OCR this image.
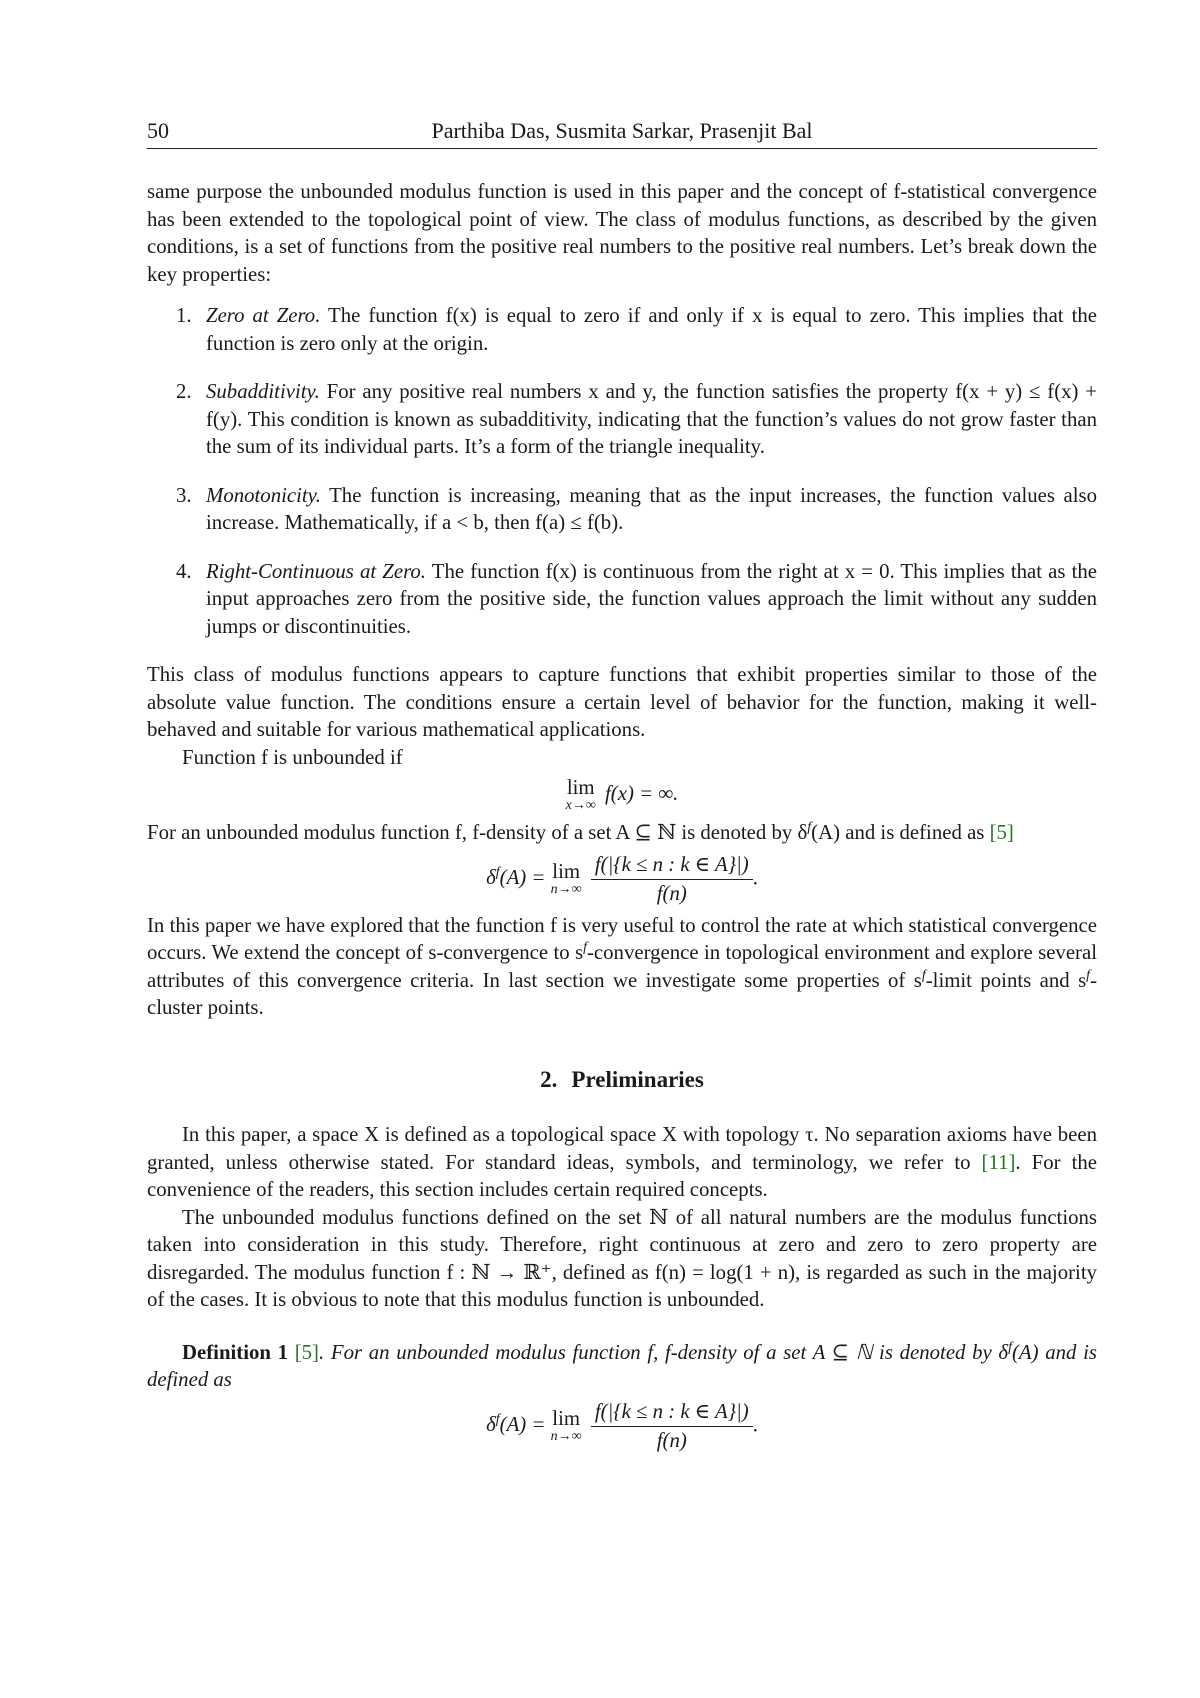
50	Parthiba Das, Susmita Sarkar, Prasenjit Bal

same purpose the unbounded modulus function is used in this paper and the concept of f-statistical convergence has been extended to the topological point of view. The class of modulus functions, as described by the given conditions, is a set of functions from the positive real numbers to the positive real numbers. Let’s break down the key properties:

1. Zero at Zero. The function f(x) is equal to zero if and only if x is equal to zero. This implies that the function is zero only at the origin.
2. Subadditivity. For any positive real numbers x and y, the function satisfies the property f(x + y) ≤ f(x) + f(y). This condition is known as subadditivity, indicating that the function’s values do not grow faster than the sum of its individual parts. It’s a form of the triangle inequality.
3. Monotonicity. The function is increasing, meaning that as the input increases, the function values also increase. Mathematically, if a < b, then f(a) ≤ f(b).
4. Right-Continuous at Zero. The function f(x) is continuous from the right at x = 0. This implies that as the input approaches zero from the positive side, the function values approach the limit without any sudden jumps or discontinuities.

This class of modulus functions appears to capture functions that exhibit properties similar to those of the absolute value function. The conditions ensure a certain level of behavior for the function, making it well-behaved and suitable for various mathematical applications.

Function f is unbounded if

lim
x→∞
f(x) = ∞.

For an unbounded modulus function f, f-density of a set A ⊆ ℕ is denoted by $\delta^f(A)$ and is defined as [5]

$\delta^f(A) = \lim$
n→∞
$\frac{f(|\{k \le n : k \in A\}|)}{f(n)}$ .

In this paper we have explored that the function f is very useful to control the rate at which statistical convergence occurs. We extend the concept of s-convergence to $s^f$-convergence in topological environment and explore several attributes of this convergence criteria. In last section we investigate some properties of $s^f$-limit points and $s^f$-cluster points.

2. Preliminaries

In this paper, a space X is defined as a topological space X with topology τ. No separation axioms have been granted, unless otherwise stated. For standard ideas, symbols, and terminology, we refer to [11]. For the convenience of the readers, this section includes certain required concepts.

The unbounded modulus functions defined on the set ℕ of all natural numbers are the modulus functions taken into consideration in this study. Therefore, right continuous at zero and zero to zero property are disregarded. The modulus function f : ℕ → ℝ⁺, defined as f(n) = log(1 + n), is regarded as such in the majority of the cases. It is obvious to note that this modulus function is unbounded.

Definition 1 [5]. For an unbounded modulus function f, f-density of a set A ⊆ ℕ is denoted by $\delta^f(A)$ and is defined as

$\delta^f(A) = \lim$
n→∞
$\frac{f(|\{k \le n : k \in A\}|)}{f(n)}$ .
